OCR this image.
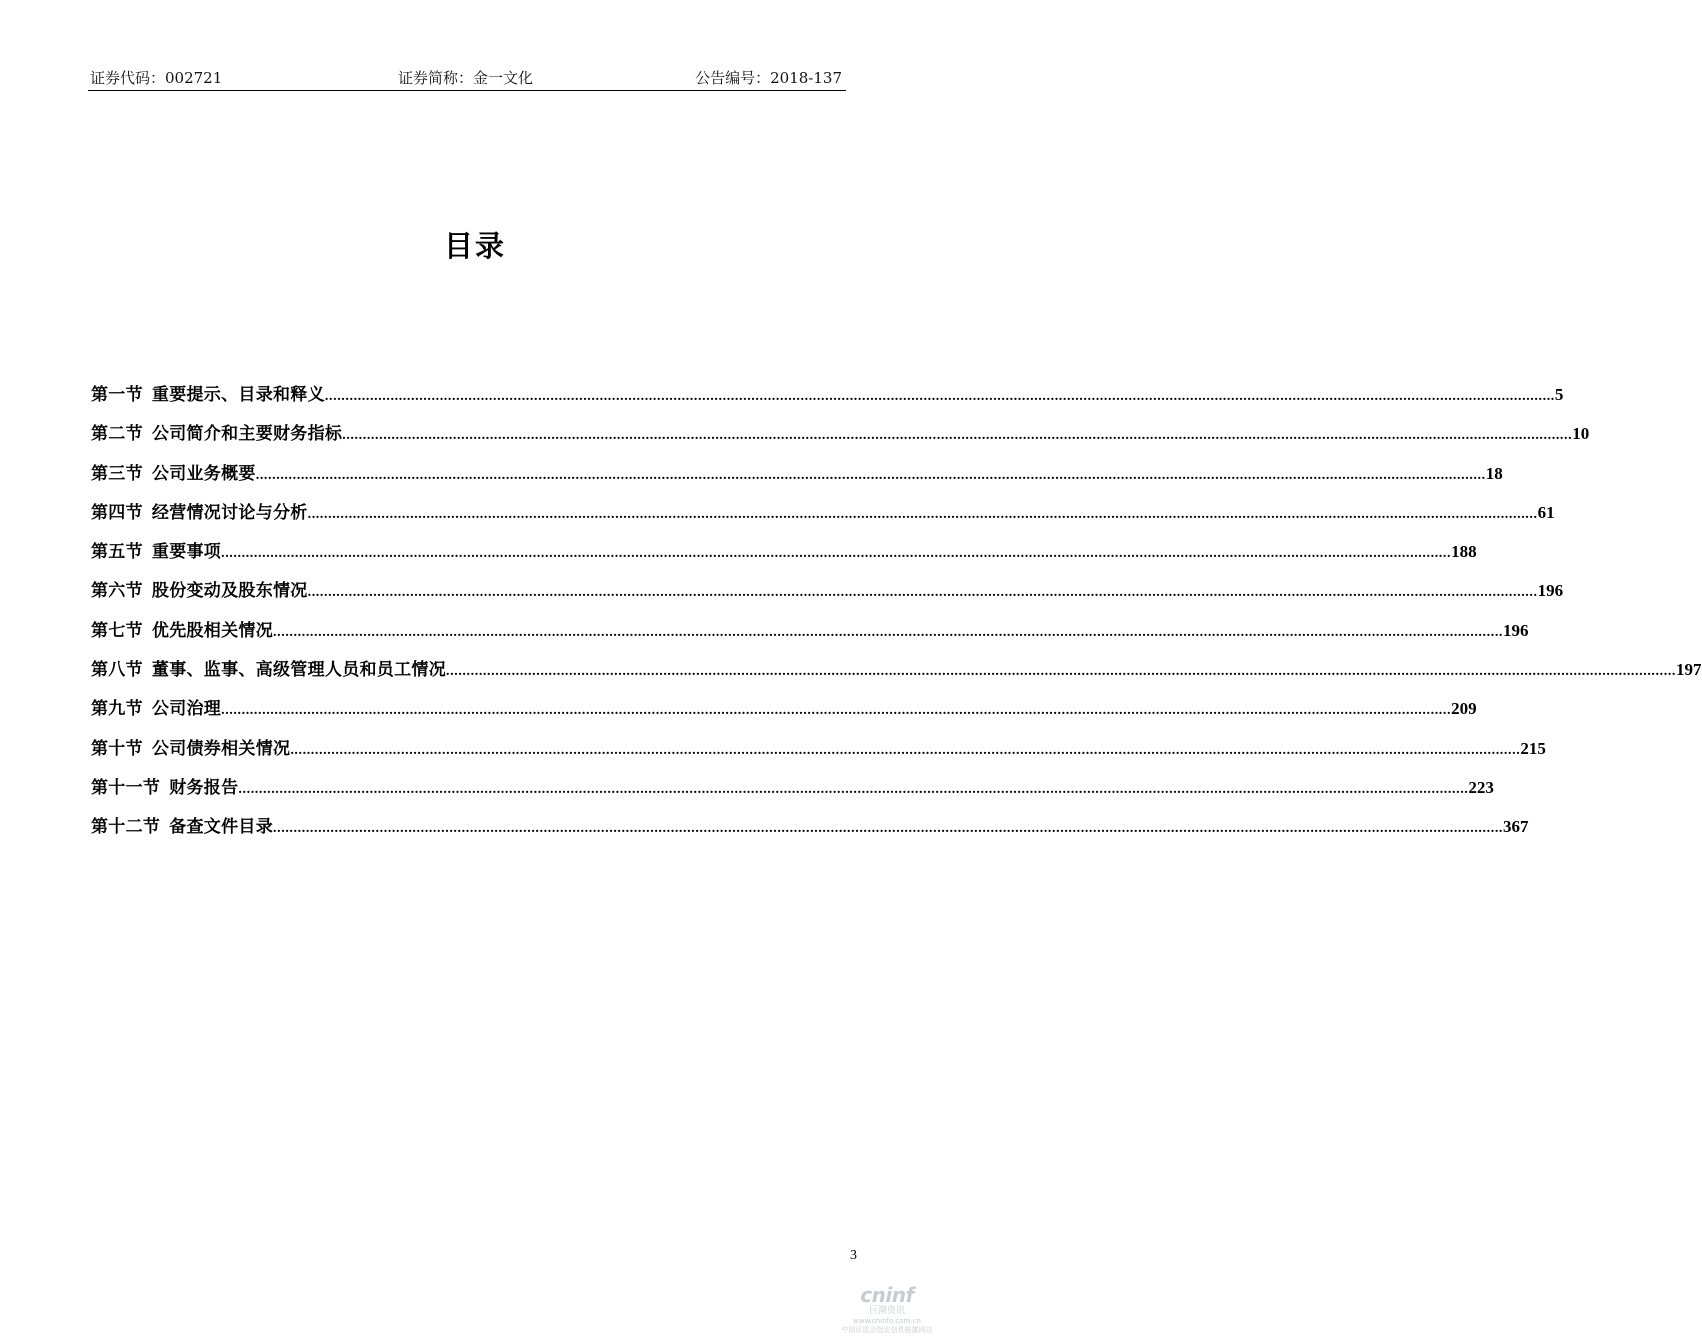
证券代码：002721	证券简称：金一文化	公告编号：2018-137
目录
第一节 重要提示、目录和释义 ............................................................................................................................................................................................................................................................................................................ 5
第二节 公司简介和主要财务指标 ............................................................................................................................................................................................................................................................................................................ 10
第三节 公司业务概要 ............................................................................................................................................................................................................................................................................................................ 18
第四节 经营情况讨论与分析 ............................................................................................................................................................................................................................................................................................................ 61
第五节 重要事项 ............................................................................................................................................................................................................................................................................................................ 188
第六节 股份变动及股东情况 ............................................................................................................................................................................................................................................................................................................ 196
第七节 优先股相关情况 ............................................................................................................................................................................................................................................................................................................ 196
第八节 董事、监事、高级管理人员和员工情况 ............................................................................................................................................................................................................................................................................................................ 197
第九节 公司治理 ............................................................................................................................................................................................................................................................................................................ 209
第十节 公司债券相关情况 ............................................................................................................................................................................................................................................................................................................ 215
第十一节 财务报告 ............................................................................................................................................................................................................................................................................................................ 223
第十二节 备查文件目录 ............................................................................................................................................................................................................................................................................................................ 367
3
cninf
巨潮资讯
www.cninfo.com.cn
中国证监会指定信息披露网站
